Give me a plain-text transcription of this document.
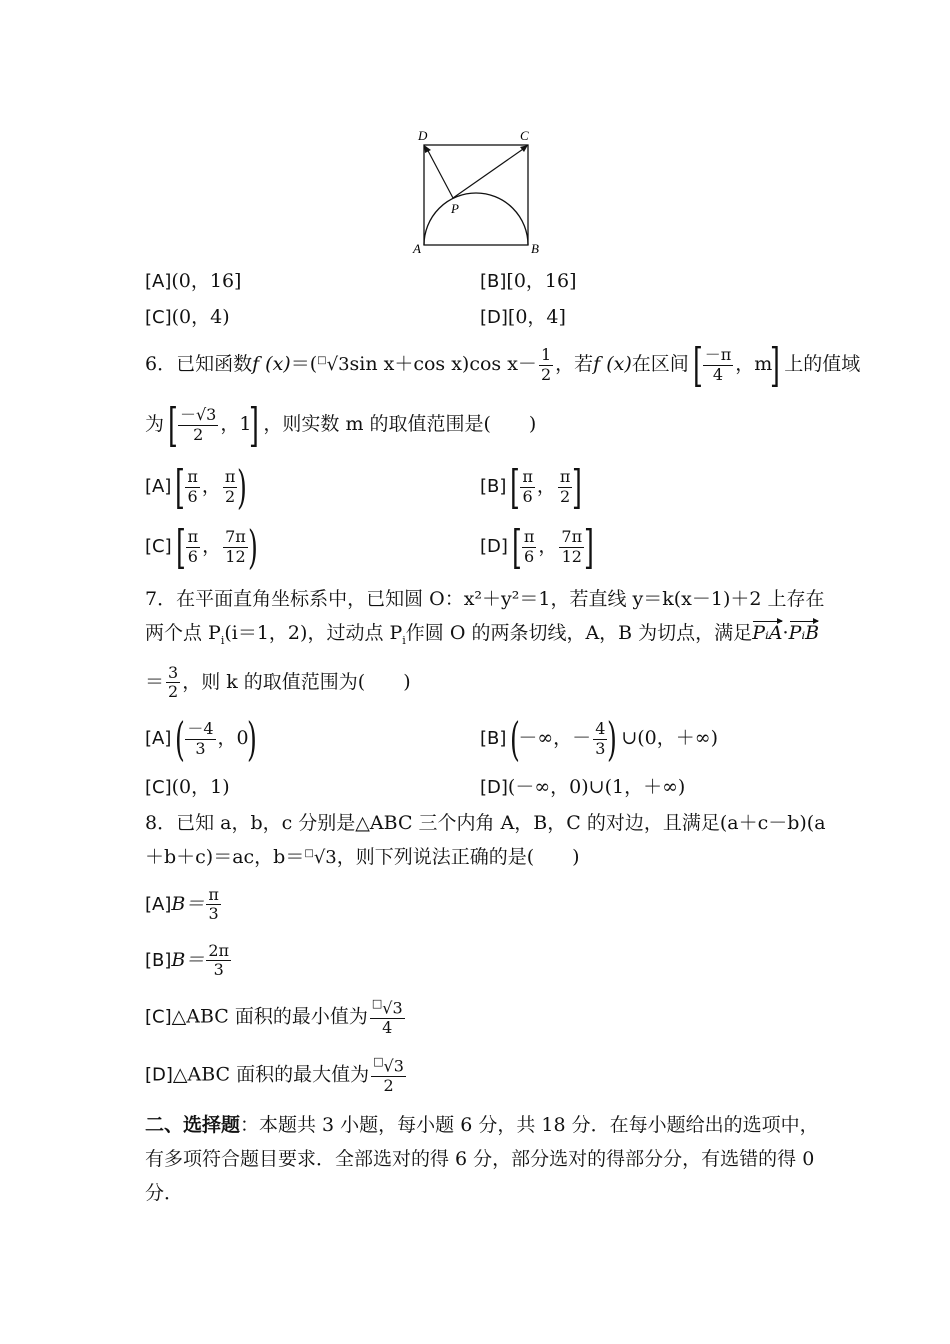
D	C
P
A	B
[A](0，16]	[B][0，16]
[C](0，4)	[D][0，4]
6．已知函数f (x)＝(□√3sin x＋cos x)cos $x- \frac{1}{2}$ ，若f (x)在区间[ $\frac{-\pi}{4}$ ，m] 上的值域
为[ $\frac{-√3}{2}$ ，1] ，则实数 m 的取值范围是(　　)
$[A][ \frac{\pi}{6}$ ， $\frac{\pi}{2}$ )	$[B][ \frac{\pi}{6}$ ， $\frac{\pi}{2}$ ]
$[C][ \frac{\pi}{6}$ ， $\frac{7\pi}{12}$ )	$[D][ \frac{\pi}{6}$ ， $\frac{7\pi}{12}$ ]
7．在平面直角坐标系中，已知圆 O：x²＋y²＝1，若直线 y＝k(x－1)＋2 上存在
两个点 $P_i(i=1$，2)，过动点 $P_i$作圆 O 的两条切线，A，B 为切点，满足PᵢA·PᵢB
＝ $\frac{3}{2}$ ，则 k 的取值范围为(　　)
$[A]( \frac{-4}{3}$ ，0)	[B](－∞，－ $\frac{4}{3}$ ) ∪(0，＋∞)
[C](0，1)	[D](－∞，0)∪(1，＋∞)
8．已知 a，b，c 分别是△ABC 三个内角 A，B，C 的对边，且满足(a＋c－b)(a
＋b＋c)＝ac，b＝□√3，则下列说法正确的是(　　)
$[A]B= \frac{\pi}{3}$
$[B]B= \frac{2\pi}{3}$
[C]△ABC 面积的最小值为 $\frac{^□√3}{4}$
[D]△ABC 面积的最大值为 $\frac{^□√3}{2}$
二、选择题：本题共 3 小题，每小题 6 分，共 18 分．在每小题给出的选项中，
有多项符合题目要求．全部选对的得 6 分，部分选对的得部分分，有选错的得 0
分．
